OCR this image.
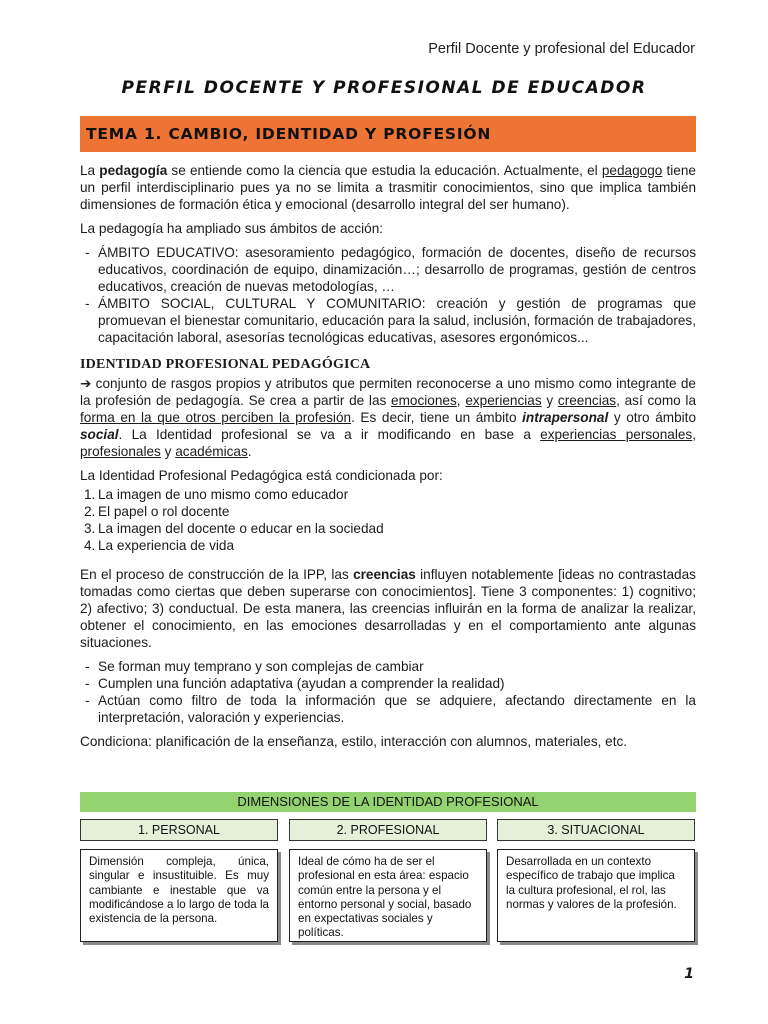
Perfil Docente y profesional del Educador
PERFIL DOCENTE Y PROFESIONAL DE EDUCADOR
TEMA 1. CAMBIO, IDENTIDAD Y PROFESIÓN

La pedagogía se entiende como la ciencia que estudia la educación. Actualmente, el pedagogo tiene un perfil interdisciplinario pues ya no se limita a trasmitir conocimientos, sino que implica también dimensiones de formación ética y emocional (desarrollo integral del ser humano).

La pedagogía ha ampliado sus ámbitos de acción:

- ÁMBITO EDUCATIVO: asesoramiento pedagógico, formación de docentes, diseño de recursos educativos, coordinación de equipo, dinamización…; desarrollo de programas, gestión de centros educativos, creación de nuevas metodologías, …
- ÁMBITO SOCIAL, CULTURAL Y COMUNITARIO: creación y gestión de programas que promuevan el bienestar comunitario, educación para la salud, inclusión, formación de trabajadores, capacitación laboral, asesorías tecnológicas educativas, asesores ergonómicos...
IDENTIDAD PROFESIONAL PEDAGÓGICA

➔ conjunto de rasgos propios y atributos que permiten reconocerse a uno mismo como integrante de la profesión de pedagogía. Se crea a partir de las emociones, experiencias y creencias, así como la forma en la que otros perciben la profesión. Es decir, tiene un ámbito intrapersonal y otro ámbito social. La Identidad profesional se va a ir modificando en base a experiencias personales, profesionales y académicas.

La Identidad Profesional Pedagógica está condicionada por:

1. La imagen de uno mismo como educador
2. El papel o rol docente
3. La imagen del docente o educar en la sociedad
4. La experiencia de vida

En el proceso de construcción de la IPP, las creencias influyen notablemente [ideas no contrastadas tomadas como ciertas que deben superarse con conocimientos]. Tiene 3 componentes: 1) cognitivo; 2) afectivo; 3) conductual. De esta manera, las creencias influirán en la forma de analizar la realizar, obtener el conocimiento, en las emociones desarrolladas y en el comportamiento ante algunas situaciones.

- Se forman muy temprano y son complejas de cambiar
- Cumplen una función adaptativa (ayudan a comprender la realidad)
- Actúan como filtro de toda la información que se adquiere, afectando directamente en la interpretación, valoración y experiencias.

Condiciona: planificación de la enseñanza, estilo, interacción con alumnos, materiales, etc.

DIMENSIONES DE LA IDENTIDAD PROFESIONAL
1. PERSONAL	2. PROFESIONAL	3. SITUACIONAL
Dimensión compleja, única, singular e insustituible. Es muy cambiante e inestable que va modificándose a lo largo de toda la existencia de la persona.
Ideal de cómo ha de ser el profesional en esta área: espacio común entre la persona y el entorno personal y social, basado en expectativas sociales y políticas.
Desarrollada en un contexto específico de trabajo que implica la cultura profesional, el rol, las normas y valores de la profesión.
1
